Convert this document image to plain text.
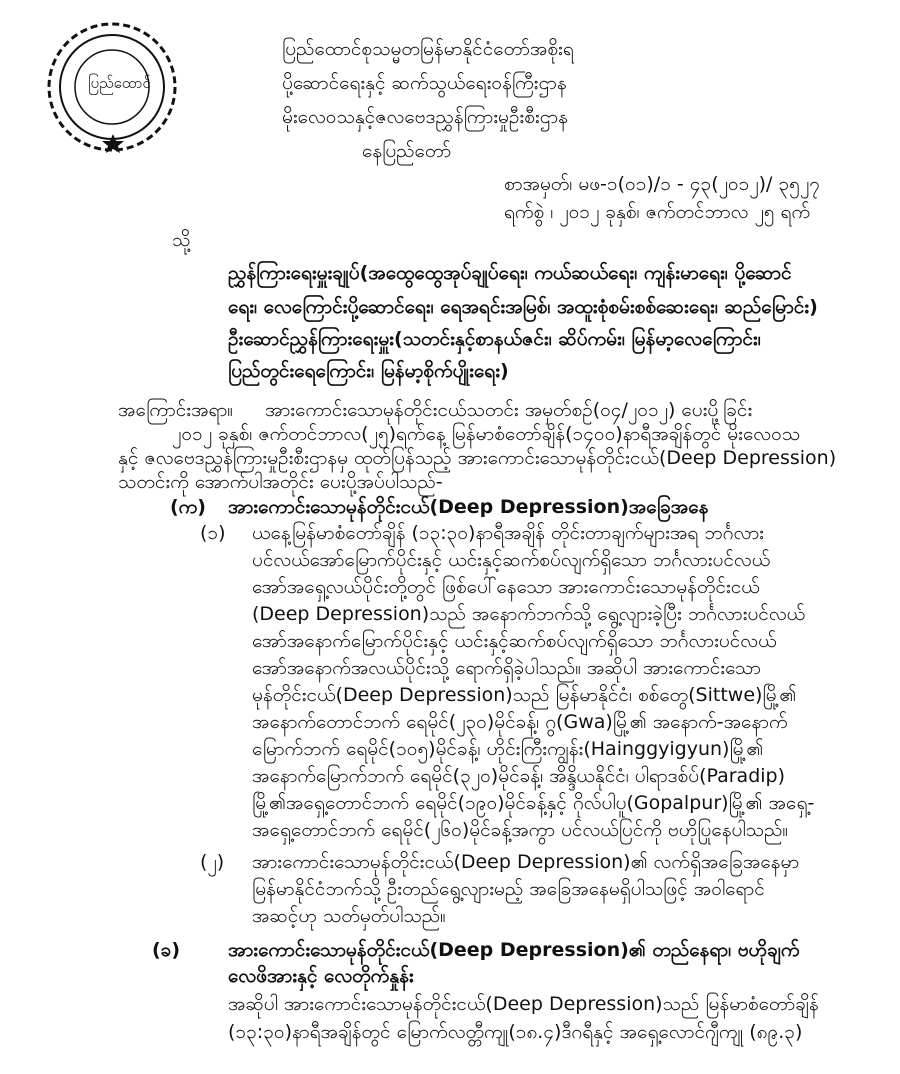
ပြည်ထောင်
ပြည်ထောင်စုသမ္မတမြန်မာနိုင်ငံတော်အစိုးရ
ပို့ဆောင်ရေးနှင့် ဆက်သွယ်ရေးဝန်ကြီးဌာန
မိုးလေဝသနှင့်ဇလဗေဒညွှန်ကြားမှုဦးစီးဌာန
နေပြည်တော်
စာအမှတ်၊ မဖ-၁(၀၁)/၁ - ၄၃(၂၀၁၂)/ ၃၅၂၇
ရက်စွဲ ၊ ၂၀၁၂ ခုနှစ်၊ ဇက်တင်ဘာလ ၂၅ ရက်
သို့
ညွှန်ကြားရေးမှူးချုပ်(အထွေထွေအုပ်ချုပ်ရေး၊ ကယ်ဆယ်ရေး၊ ကျန်းမာရေး၊ ပို့ဆောင်
ရေး၊ လေကြောင်းပို့ဆောင်ရေး၊ ရေအရင်းအမြစ်၊ အထူးစုံစမ်းစစ်ဆေးရေး၊ ဆည်မြောင်း)
ဦးဆောင်ညွှန်ကြားရေးမှူး(သတင်းနှင့်စာနယ်ဇင်း၊ ဆိပ်ကမ်း၊ မြန်မာ့လေကြောင်း၊
ပြည်တွင်းရေကြောင်း၊ မြန်မာ့စိုက်ပျိုးရေး)
အကြောင်းအရာ။ အားကောင်းသောမုန်တိုင်းငယ်သတင်း အမှတ်စဉ်(၀၄/၂၀၁၂) ပေးပို့ခြင်း
၂၀၁၂ ခုနှစ်၊ ဇက်တင်ဘာလ(၂၅)ရက်နေ့ မြန်မာစံတော်ချိန်(၁၄၀၀)နာရီအချိန်တွင် မိုးလေဝသ
နှင့် ဇလဗေဒညွှန်ကြားမှုဦးစီးဌာနမှ ထုတ်ပြန်သည့် အားကောင်းသောမုန်တိုင်းငယ်(Deep Depression)
သတင်းကို အောက်ပါအတိုင်း ပေးပို့အပ်ပါသည်-
(က) အားကောင်းသောမုန်တိုင်းငယ်(Deep Depression)အခြေအနေ
(၁) ယနေ့မြန်မာစံတော်ချိန် (၁၃:၃၀)နာရီအချိန် တိုင်းတာချက်များအရ ဘင်္ဂလား
ပင်လယ်အော်မြောက်ပိုင်းနှင့် ယင်းနှင့်ဆက်စပ်လျက်ရှိသော ဘင်္ဂလားပင်လယ်
အော်အရှေ့လယ်ပိုင်းတို့တွင် ဖြစ်ပေါ်နေသော အားကောင်းသောမုန်တိုင်းငယ်
(Deep Depression)သည် အနောက်ဘက်သို့ ရွေ့လျားခဲ့ပြီး ဘင်္ဂလားပင်လယ်
အော်အနောက်မြောက်ပိုင်းနှင့် ယင်းနှင့်ဆက်စပ်လျက်ရှိသော ဘင်္ဂလားပင်လယ်
အော်အနောက်အလယ်ပိုင်းသို့ ရောက်ရှိခဲ့ပါသည်။ အဆိုပါ အားကောင်းသော
မုန်တိုင်းငယ်(Deep Depression)သည် မြန်မာနိုင်ငံ၊ စစ်တွေ(Sittwe)မြို့၏
အနောက်တောင်ဘက် ရေမိုင်(၂၃၀)မိုင်ခန့်၊ ဂွ(Gwa)မြို့၏ အနောက်-အနောက်
မြောက်ဘက် ရေမိုင်(၁၀၅)မိုင်ခန့်၊ ဟိုင်းကြီးကျွန်း(Hainggyigyun)မြို့၏
အနောက်မြောက်ဘက် ရေမိုင်(၃၂၀)မိုင်ခန့်၊ အိန္ဒိယနိုင်ငံ၊ ပါရာဒစ်ပ်(Paradip)
မြို့၏အရှေ့တောင်ဘက် ရေမိုင်(၁၉၀)မိုင်ခန့်နှင့် ဂိုလ်ပါပူ(Gopalpur)မြို့၏ အရှေ့-
အရှေ့တောင်ဘက် ရေမိုင်(၂၆၀)မိုင်ခန့်အကွာ ပင်လယ်ပြင်ကို ဗဟိုပြုနေပါသည်။
(၂) အားကောင်းသောမုန်တိုင်းငယ်(Deep Depression)၏ လက်ရှိအခြေအနေမှာ
မြန်မာနိုင်ငံဘက်သို့ ဦးတည်ရွေ့လျားမည့် အခြေအနေမရှိပါသဖြင့် အဝါရောင်
အဆင့်ဟု သတ်မှတ်ပါသည်။
(ခ)	အားကောင်းသောမုန်တိုင်းငယ်(Deep Depression)၏ တည်နေရာ၊ ဗဟိုချက်
လေဖိအားနှင့် လေတိုက်နှုန်း
အဆိုပါ အားကောင်းသောမုန်တိုင်းငယ်(Deep Depression)သည် မြန်မာစံတော်ချိန်
(၁၃:၃၀)နာရီအချိန်တွင် မြောက်လတ္တီကျု(၁၈.၄)ဒီဂရီနှင့် အရှေ့လောင်ဂျီကျု (၈၉.၃)
